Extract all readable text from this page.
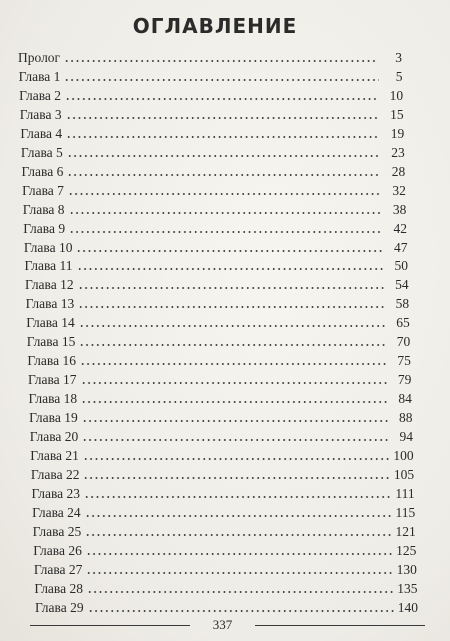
ОГЛАВЛЕНИЕ
Пролог	3
Глава 1	5
Глава 2	10
Глава 3	15
Глава 4	19
Глава 5	23
Глава 6	28
Глава 7	32
Глава 8	38
Глава 9	42
Глава 10	47
Глава 11	50
Глава 12	54
Глава 13	58
Глава 14	65
Глава 15	70
Глава 16	75
Глава 17	79
Глава 18	84
Глава 19	88
Глава 20	94
Глава 21	100
Глава 22	105
Глава 23	111
Глава 24	115
Глава 25	121
Глава 26	125
Глава 27	130
Глава 28	135
Глава 29	140
337
